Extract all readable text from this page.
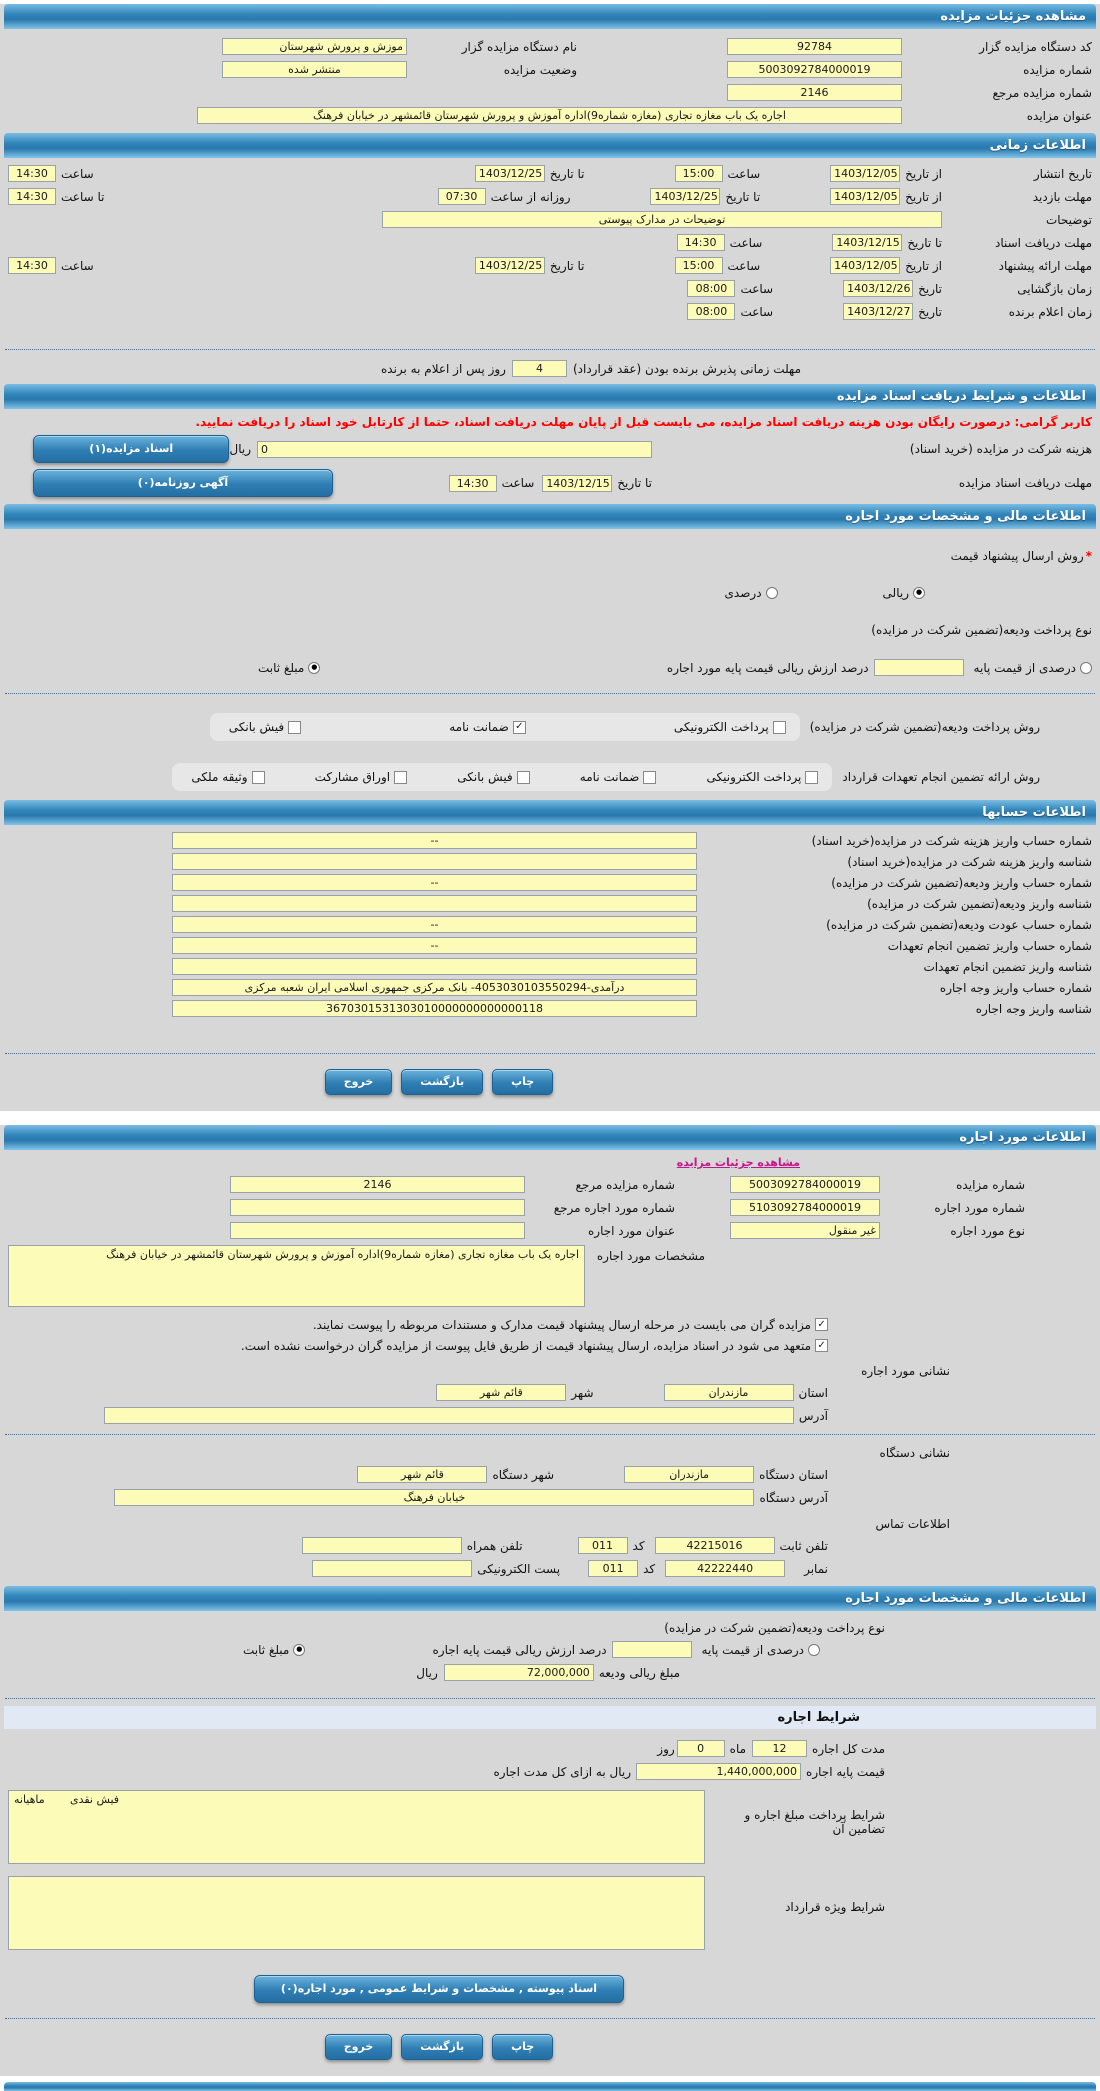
مشاهده جزئیات مزایده
کد دستگاه مزایده گزار
92784
نام دستگاه مزایده گزار
موزش و پرورش شهرستان
شماره مزایده
5003092784000019
وضعیت مزایده
منتشر شده
شماره مزایده مرجع
2146
عنوان مزایده
اجاره یک باب مغازه تجاری (مغازه شماره9)اداره آموزش و پرورش شهرستان قائمشهر در خیابان فرهنگ
اطلاعات زمانی
تاریخ انتشار
از تاریخ
1403/12/05
ساعت
15:00
تا تاریخ
1403/12/25
ساعت
14:30
مهلت بازدید
از تاریخ
1403/12/05
تا تاریخ
1403/12/25
روزانه از ساعت
07:30
تا ساعت
14:30
توضیحات
توضیحات در مدارک پیوستی
مهلت دریافت اسناد
تا تاریخ
1403/12/15
ساعت
14:30
مهلت ارائه پیشنهاد
از تاریخ
1403/12/05
ساعت
15:00
تا تاریخ
1403/12/25
ساعت
14:30
زمان بازگشایی
تاریخ
1403/12/26
ساعت
08:00
زمان اعلام برنده
تاریخ
1403/12/27
ساعت
08:00
مهلت زمانی پذیرش برنده بودن (عقد قرارداد)
4
روز پس از اعلام به برنده
اطلاعات و شرایط دریافت اسناد مزایده
کاربر گرامی: درصورت رایگان بودن هزینه دریافت اسناد مزایده، می بایست قبل از پایان مهلت دریافت اسناد، حتما از کارتابل خود اسناد را دریافت نمایید.
هزینه شرکت در مزایده (خرید اسناد)
0
ریال
اسناد مزایده(۱)
مهلت دریافت اسناد مزایده
تا تاریخ
1403/12/15
ساعت
14:30
آگهی روزنامه(۰)
اطلاعات مالی و مشخصات مورد اجاره
*
روش ارسال پیشنهاد قیمت
●
ریالی
درصدی
نوع پرداخت ودیعه(تضمین شرکت در مزایده)
درصدی از قیمت پایه
درصد ارزش ریالی قیمت پایه مورد اجاره
●
مبلغ ثابت
روش پرداخت ودیعه(تضمین شرکت در مزایده)
پرداخت الکترونیکی
✓
ضمانت نامه
فیش بانکی
روش ارائه تضمین انجام تعهدات قرارداد
پرداخت الکترونیکی
ضمانت نامه
فیش بانکی
اوراق مشارکت
وثیقه ملکی
اطلاعات حسابها
شماره حساب واریز هزینه شرکت در مزایده(خرید اسناد)
--
شناسه واریز هزینه شرکت در مزایده(خرید اسناد)
شماره حساب واریز ودیعه(تضمین شرکت در مزایده)
--
شناسه واریز ودیعه(تضمین شرکت در مزایده)
شماره حساب عودت ودیعه(تضمین شرکت در مزایده)
--
شماره حساب واریز تضمین انجام تعهدات
--
شناسه واریز تضمین انجام تعهدات
شماره حساب واریز وجه اجاره
درآمدی-4053030103550294- بانک مرکزی جمهوری اسلامی ایران شعبه مرکزی
شناسه واریز وجه اجاره
3670301531303010000000000000118
چاپ
بازگشت
خروج
اطلاعات مورد اجاره
مشاهده جزئیات مزایده
شماره مزایده
5003092784000019
شماره مزایده مرجع
2146
شماره مورد اجاره
5103092784000019
شماره مورد اجاره مرجع
نوع مورد اجاره
غیر منقول
عنوان مورد اجاره
مشخصات مورد اجاره
اجاره یک باب مغازه تجاری (مغازه شماره9)اداره آموزش و پرورش شهرستان قائمشهر در خیابان فرهنگ
✓
مزایده گران می بایست در مرحله ارسال پیشنهاد قیمت مدارک و مستندات مربوطه را پیوست نمایند.
✓
متعهد می شود در اسناد مزایده، ارسال پیشنهاد قیمت از طریق فایل پیوست از مزایده گران درخواست نشده است.
نشانی مورد اجاره
استان
مازندران
شهر
قائم شهر
آدرس
نشانی دستگاه
استان دستگاه
مازندران
شهر دستگاه
قائم شهر
آدرس دستگاه
خیابان فرهنگ
اطلاعات تماس
تلفن ثابت
42215016
کد
011
تلفن همراه
نمابر
42222440
کد
011
پست الکترونیکی
اطلاعات مالی و مشخصات مورد اجاره
نوع پرداخت ودیعه(تضمین شرکت در مزایده)
درصدی از قیمت پایه
درصد ارزش ریالی قیمت پایه اجاره
●
مبلغ ثابت
مبلغ ریالی ودیعه
72,000,000
ریال
شرایط اجاره
مدت کل اجاره
12
ماه
0
روز
قیمت پایه اجاره
1,440,000,000
ریال به ازای کل مدت اجاره
شرایط پرداخت مبلغ اجاره و تضامین آن
ماهیانه	فیش نقدی
شرایط ویژه قرارداد
اسناد پیوسته , مشخصات و شرایط عمومی , مورد اجاره(۰)
چاپ
بازگشت
خروج
